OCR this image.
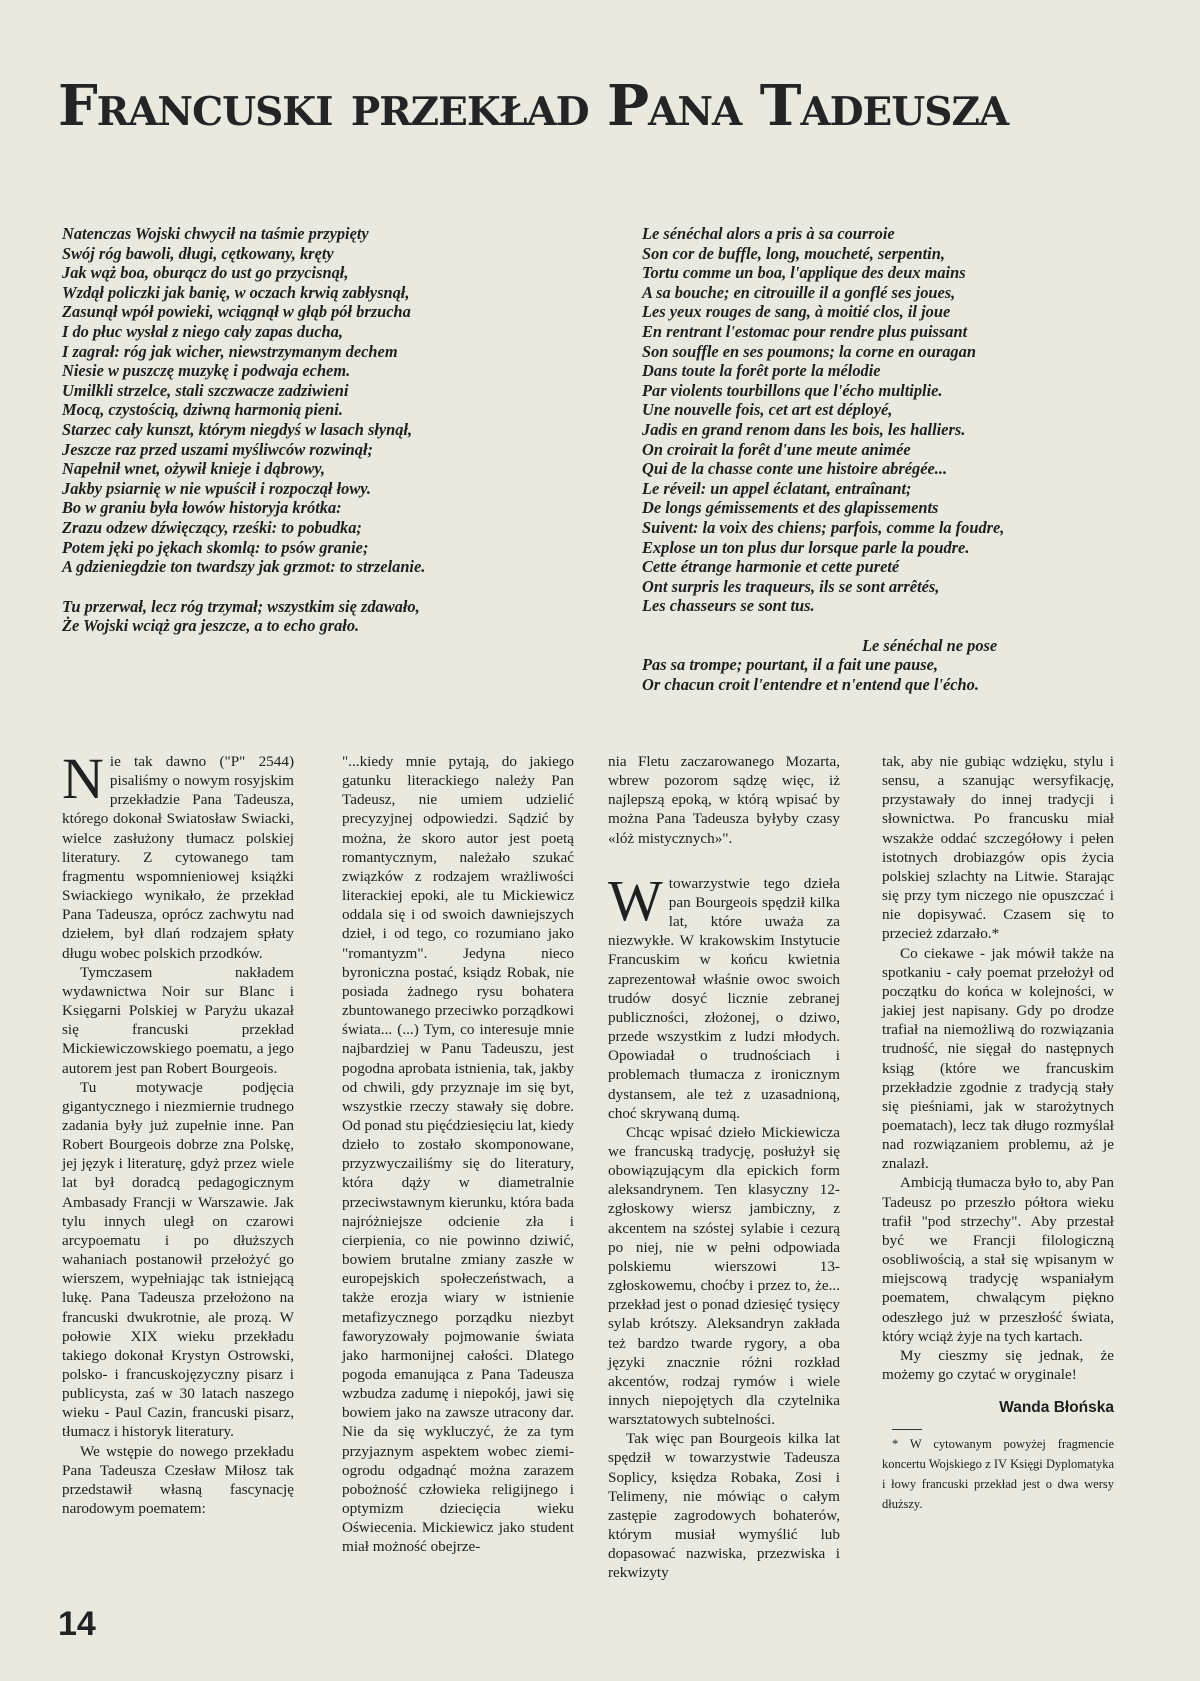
Francuski przekład Pana Tadeusza
Natenczas Wojski chwycił na taśmie przypięty
Swój róg bawoli, długi, cętkowany, kręty
Jak wąż boa, oburącz do ust go przycisnął,
Wzdął policzki jak banię, w oczach krwią zabłysnął,
Zasunął wpół powieki, wciągnął w głąb pół brzucha
I do płuc wysłał z niego cały zapas ducha,
I zagrał: róg jak wicher, niewstrzymanym dechem
Niesie w puszczę muzykę i podwaja echem.
Umilkli strzelce, stali szczwacze zadziwieni
Mocą, czystością, dziwną harmonią pieni.
Starzec cały kunszt, którym niegdyś w lasach słynął,
Jeszcze raz przed uszami myśliwców rozwinął;
Napełnił wnet, ożywił knieje i dąbrowy,
Jakby psiarnię w nie wpuścił i rozpoczął łowy.
Bo w graniu była łowów historyja krótka:
Zrazu odzew dźwięczący, rześki: to pobudka;
Potem jęki po jękach skomlą: to psów granie;
A gdzieniegdzie ton twardszy jak grzmot: to strzelanie.
Tu przerwał, lecz róg trzymał; wszystkim się zdawało,
Że Wojski wciąż gra jeszcze, a to echo grało.
Le sénéchal alors a pris à sa courroie
Son cor de buffle, long, moucheté, serpentin,
Tortu comme un boa, l'applique des deux mains
A sa bouche; en citrouille il a gonflé ses joues,
Les yeux rouges de sang, à moitié clos, il joue
En rentrant l'estomac pour rendre plus puissant
Son souffle en ses poumons; la corne en ouragan
Dans toute la forêt porte la mélodie
Par violents tourbillons que l'écho multiplie.
Une nouvelle fois, cet art est déployé,
Jadis en grand renom dans les bois, les halliers.
On croirait la forêt d'une meute animée
Qui de la chasse conte une histoire abrégée...
Le réveil: un appel éclatant, entraînant;
De longs gémissements et des glapissements
Suivent: la voix des chiens; parfois, comme la foudre,
Explose un ton plus dur lorsque parle la poudre.
Cette étrange harmonie et cette pureté
Ont surpris les traqueurs, ils se sont arrêtés,
Les chasseurs se sont tus.
Le sénéchal ne pose
Pas sa trompe; pourtant, il a fait une pause,
Or chacun croit l'entendre et n'entend que l'écho.

Nie tak dawno ("P" 2544) pisaliśmy o nowym rosyjskim przekładzie Pana Tadeusza, którego dokonał Swiatosław Swiacki, wielce zasłużony tłumacz polskiej literatury. Z cytowanego tam fragmentu wspomnieniowej książki Swiackiego wynikało, że przekład Pana Tadeusza, oprócz zachwytu nad dziełem, był dlań rodzajem spłaty długu wobec polskich przodków.

Tymczasem nakładem wydawnictwa Noir sur Blanc i Księgarni Polskiej w Paryżu ukazał się francuski przekład Mickiewiczowskiego poematu, a jego autorem jest pan Robert Bourgeois.

Tu motywacje podjęcia gigantycznego i niezmiernie trudnego zadania były już zupełnie inne. Pan Robert Bourgeois dobrze zna Polskę, jej język i literaturę, gdyż przez wiele lat był doradcą pedagogicznym Ambasady Francji w Warszawie. Jak tylu innych uległ on czarowi arcypoematu i po dłuższych wahaniach postanowił przełożyć go wierszem, wypełniając tak istniejącą lukę. Pana Tadeusza przełożono na francuski dwukrotnie, ale prozą. W połowie XIX wieku przekładu takiego dokonał Krystyn Ostrowski, polsko- i francuskojęzyczny pisarz i publicysta, zaś w 30 latach naszego wieku - Paul Cazin, francuski pisarz, tłumacz i historyk literatury.

We wstępie do nowego przekładu Pana Tadeusza Czesław Miłosz tak przedstawił własną fascynację narodowym poematem:

"...kiedy mnie pytają, do jakiego gatunku literackiego należy Pan Tadeusz, nie umiem udzielić precyzyjnej odpowiedzi. Sądzić by można, że skoro autor jest poetą romantycznym, należało szukać związków z rodzajem wrażliwości literackiej epoki, ale tu Mickiewicz oddala się i od swoich dawniejszych dzieł, i od tego, co rozumiano jako "romantyzm". Jedyna nieco byroniczna postać, ksiądz Robak, nie posiada żadnego rysu bohatera zbuntowanego przeciwko porządkowi świata... (...) Tym, co interesuje mnie najbardziej w Panu Tadeuszu, jest pogodna aprobata istnienia, tak, jakby od chwili, gdy przyznaje im się byt, wszystkie rzeczy stawały się dobre. Od ponad stu pięćdziesięciu lat, kiedy dzieło to zostało skomponowane, przyzwyczailiśmy się do literatury, która dąży w diametralnie przeciwstawnym kierunku, która bada najróżniejsze odcienie zła i cierpienia, co nie powinno dziwić, bowiem brutalne zmiany zaszłe w europejskich społeczeństwach, a także erozja wiary w istnienie metafizycznego porządku niezbyt faworyzowały pojmowanie świata jako harmonijnej całości. Dlatego pogoda emanująca z Pana Tadeusza wzbudza zadumę i niepokój, jawi się bowiem jako na zawsze utracony dar. Nie da się wykluczyć, że za tym przyjaznym aspektem wobec ziemi-ogrodu odgadnąć można zarazem pobożność człowieka religijnego i optymizm dziecięcia wieku Oświecenia. Mickiewicz jako student miał możność obejrze-

nia Fletu zaczarowanego Mozarta, wbrew pozorom sądzę więc, iż najlepszą epoką, w którą wpisać by można Pana Tadeusza byłyby czasy «lóż mistycznych»".

Wtowarzystwie tego dzieła pan Bourgeois spędził kilka lat, które uważa za niezwykłe. W krakowskim Instytucie Francuskim w końcu kwietnia zaprezentował właśnie owoc swoich trudów dosyć licznie zebranej publiczności, złożonej, o dziwo, przede wszystkim z ludzi młodych. Opowiadał o trudnościach i problemach tłumacza z ironicznym dystansem, ale też z uzasadnioną, choć skrywaną dumą.

Chcąc wpisać dzieło Mickiewicza we francuską tradycję, posłużył się obowiązującym dla epickich form aleksandrynem. Ten klasyczny 12-zgłoskowy wiersz jambiczny, z akcentem na szóstej sylabie i cezurą po niej, nie w pełni odpowiada polskiemu wierszowi 13-zgłoskowemu, choćby i przez to, że... przekład jest o ponad dziesięć tysięcy sylab krótszy. Aleksandryn zakłada też bardzo twarde rygory, a oba języki znacznie różni rozkład akcentów, rodzaj rymów i wiele innych niepojętych dla czytelnika warsztatowych subtelności.

Tak więc pan Bourgeois kilka lat spędził w towarzystwie Tadeusza Soplicy, księdza Robaka, Zosi i Telimeny, nie mówiąc o całym zastępie zagrodowych bohaterów, którym musiał wymyślić lub dopasować nazwiska, przezwiska i rekwizyty

tak, aby nie gubiąc wdzięku, stylu i sensu, a szanując wersyfikację, przystawały do innej tradycji i słownictwa. Po francusku miał wszakże oddać szczegółowy i pełen istotnych drobiazgów opis życia polskiej szlachty na Litwie. Starając się przy tym niczego nie opuszczać i nie dopisywać. Czasem się to przecież zdarzało.*

Co ciekawe - jak mówił także na spotkaniu - cały poemat przełożył od początku do końca w kolejności, w jakiej jest napisany. Gdy po drodze trafiał na niemożliwą do rozwiązania trudność, nie sięgał do następnych ksiąg (które we francuskim przekładzie zgodnie z tradycją stały się pieśniami, jak w starożytnych poematach), lecz tak długo rozmyślał nad rozwiązaniem problemu, aż je znalazł.

Ambicją tłumacza było to, aby Pan Tadeusz po przeszło półtora wieku trafił "pod strzechy". Aby przestał być we Francji filologiczną osobliwością, a stał się wpisanym w miejscową tradycję wspaniałym poematem, chwalącym piękno odeszłego już w przeszłość świata, który wciąż żyje na tych kartach.

My cieszmy się jednak, że możemy go czytać w oryginale!

Wanda Błońska

* W cytowanym powyżej fragmencie koncertu Wojskiego z IV Księgi Dyplomatyka i łowy francuski przekład jest o dwa wersy dłuższy.

14
